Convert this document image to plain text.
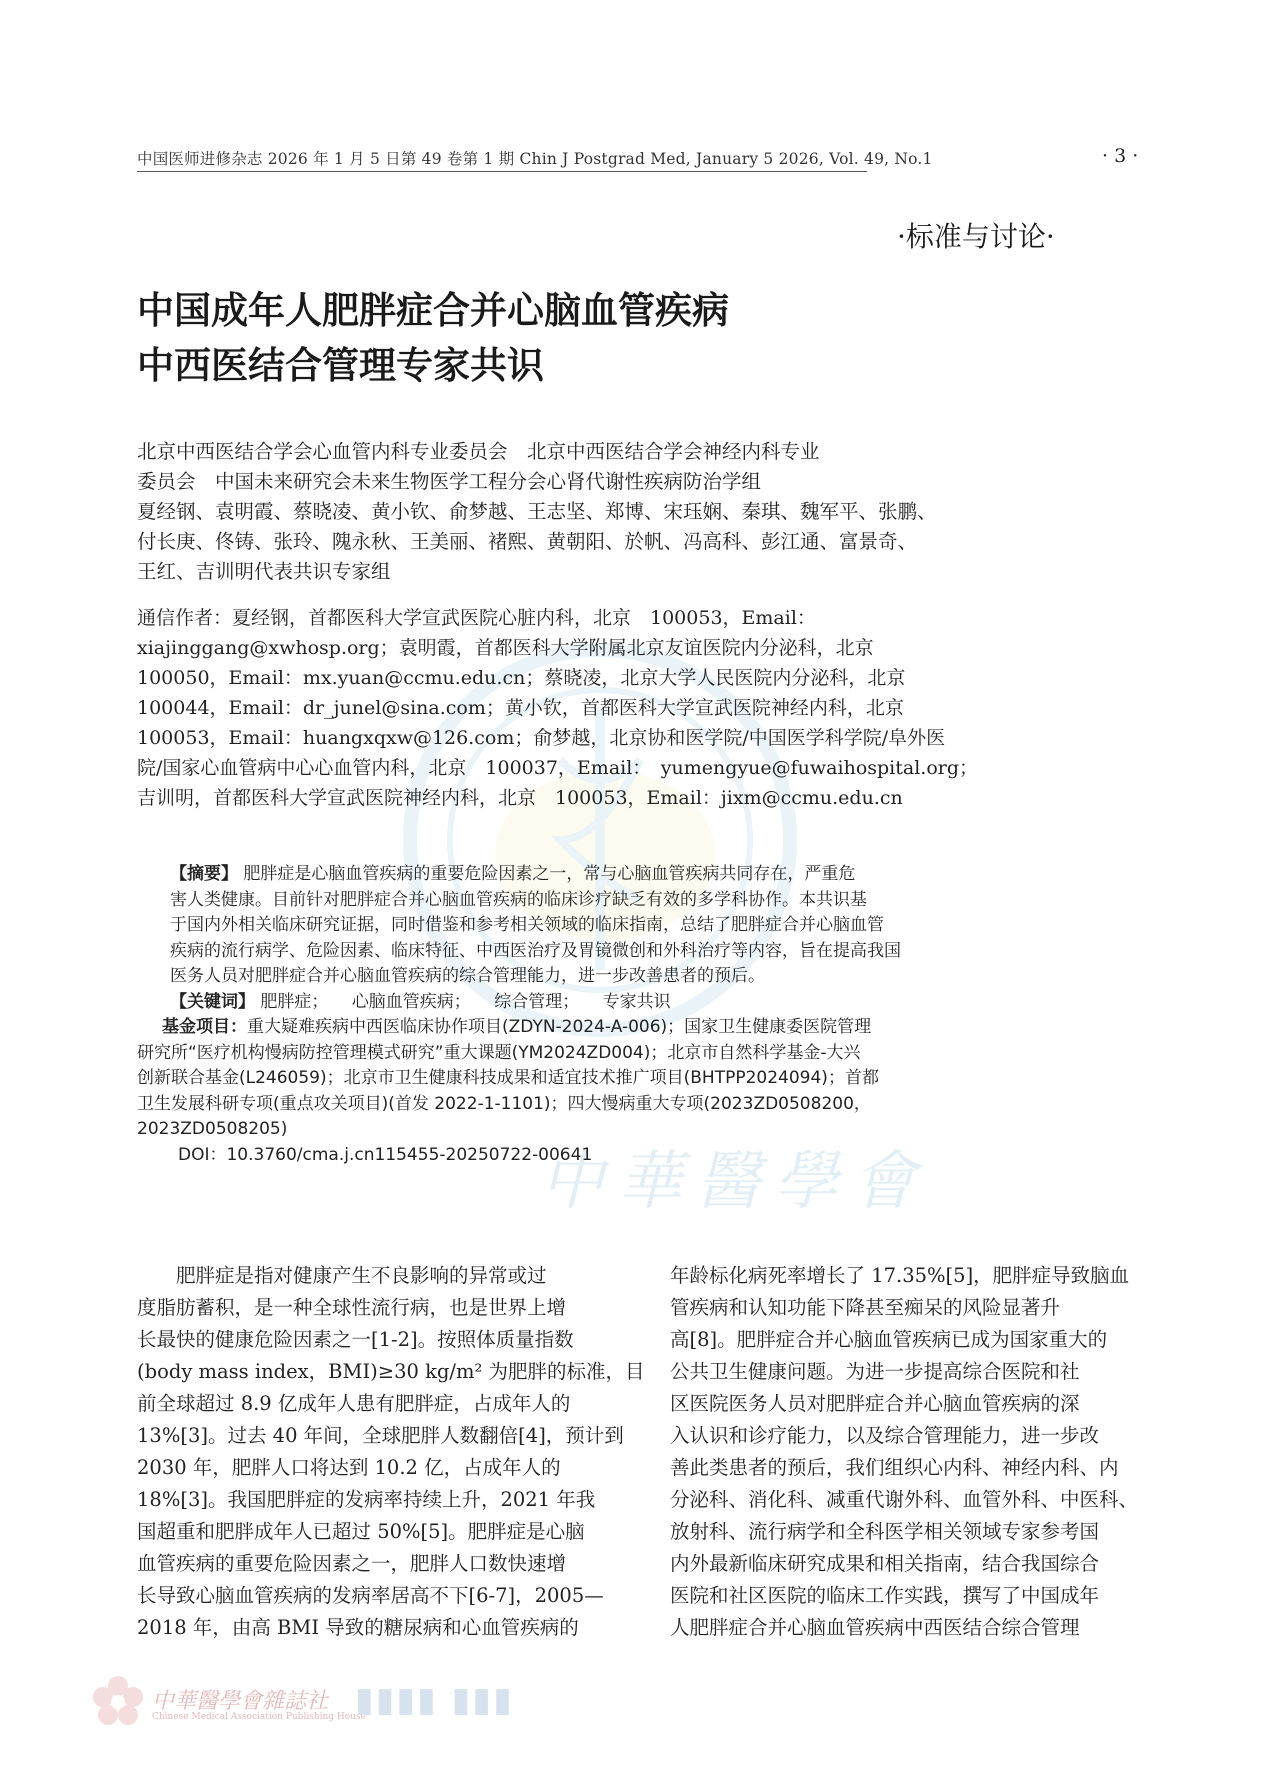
中華醫學會
中国医师进修杂志 2026 年 1 月 5 日第 49 卷第 1 期 Chin J Postgrad Med, January 5 2026, Vol. 49, No.1	· 3 ·
·标准与讨论·
中国成年人肥胖症合并心脑血管疾病
中西医结合管理专家共识
北京中西医结合学会心血管内科专业委员会　北京中西医结合学会神经内科专业
委员会　中国未来研究会未来生物医学工程分会心肾代谢性疾病防治学组
夏经钢、袁明霞、蔡晓凌、黄小钦、俞梦越、王志坚、郑博、宋珏娴、秦琪、魏军平、张鹏、
付长庚、佟铸、张玲、隗永秋、王美丽、褚熙、黄朝阳、於帆、冯高科、彭江通、富景奇、
王红、吉训明代表共识专家组
通信作者：夏经钢，首都医科大学宣武医院心脏内科，北京　100053，Email：
xiajinggang@xwhosp.org；袁明霞，首都医科大学附属北京友谊医院内分泌科，北京
100050，Email：mx.yuan@ccmu.edu.cn；蔡晓凌，北京大学人民医院内分泌科，北京
100044，Email：dr_junel@sina.com；黄小钦，首都医科大学宣武医院神经内科，北京
100053，Email：huangxqxw@126.com；俞梦越，北京协和医学院/中国医学科学院/阜外医
院/国家心血管病中心心血管内科，北京　100037，Email：　yumengyue@fuwaihospital.org；
吉训明，首都医科大学宣武医院神经内科，北京　100053，Email：jixm@ccmu.edu.cn
【摘要】 肥胖症是心脑血管疾病的重要危险因素之一，常与心脑血管疾病共同存在，严重危
害人类健康。目前针对肥胖症合并心脑血管疾病的临床诊疗缺乏有效的多学科协作。本共识基
于国内外相关临床研究证据，同时借鉴和参考相关领域的临床指南，总结了肥胖症合并心脑血管
疾病的流行病学、危险因素、临床特征、中西医治疗及胃镜微创和外科治疗等内容，旨在提高我国
医务人员对肥胖症合并心脑血管疾病的综合管理能力，进一步改善患者的预后。
【关键词】 肥胖症； 心脑血管疾病； 综合管理； 专家共识
基金项目：重大疑难疾病中西医临床协作项目(ZDYN-2024-A-006)；国家卫生健康委医院管理
研究所“医疗机构慢病防控管理模式研究”重大课题(YM2024ZD004)；北京市自然科学基金-大兴
创新联合基金(L246059)；北京市卫生健康科技成果和适宜技术推广项目(BHTPP2024094)；首都
卫生发展科研专项(重点攻关项目)(首发 2022-1-1101)；四大慢病重大专项(2023ZD0508200，
2023ZD0508205)
DOI：10.3760/cma.j.cn115455-20250722-00641
　　肥胖症是指对健康产生不良影响的异常或过
度脂肪蓄积，是一种全球性流行病，也是世界上增
长最快的健康危险因素之一[1-2]。按照体质量指数
(body mass index，BMI)≥30 kg/m² 为肥胖的标准，目
前全球超过 8.9 亿成年人患有肥胖症，占成年人的
13%[3]。过去 40 年间，全球肥胖人数翻倍[4]，预计到
2030 年，肥胖人口将达到 10.2 亿，占成年人的
18%[3]。我国肥胖症的发病率持续上升，2021 年我
国超重和肥胖成年人已超过 50%[5]。肥胖症是心脑
血管疾病的重要危险因素之一，肥胖人口数快速增
长导致心脑血管疾病的发病率居高不下[6-7]，2005—
2018 年，由高 BMI 导致的糖尿病和心血管疾病的
年龄标化病死率增长了 17.35%[5]，肥胖症导致脑血
管疾病和认知功能下降甚至痴呆的风险显著升
高[8]。肥胖症合并心脑血管疾病已成为国家重大的
公共卫生健康问题。为进一步提高综合医院和社
区医院医务人员对肥胖症合并心脑血管疾病的深
入认识和诊疗能力，以及综合管理能力，进一步改
善此类患者的预后，我们组织心内科、神经内科、内
分泌科、消化科、减重代谢外科、血管外科、中医科、
放射科、流行病学和全科医学相关领域专家参考国
内外最新临床研究成果和相关指南，结合我国综合
医院和社区医院的临床工作实践，撰写了中国成年
人肥胖症合并心脑血管疾病中西医结合综合管理
中華醫學會雜誌社
Chinese Medical Association Publishing House
▮▮▮▮ ▮▮▮
